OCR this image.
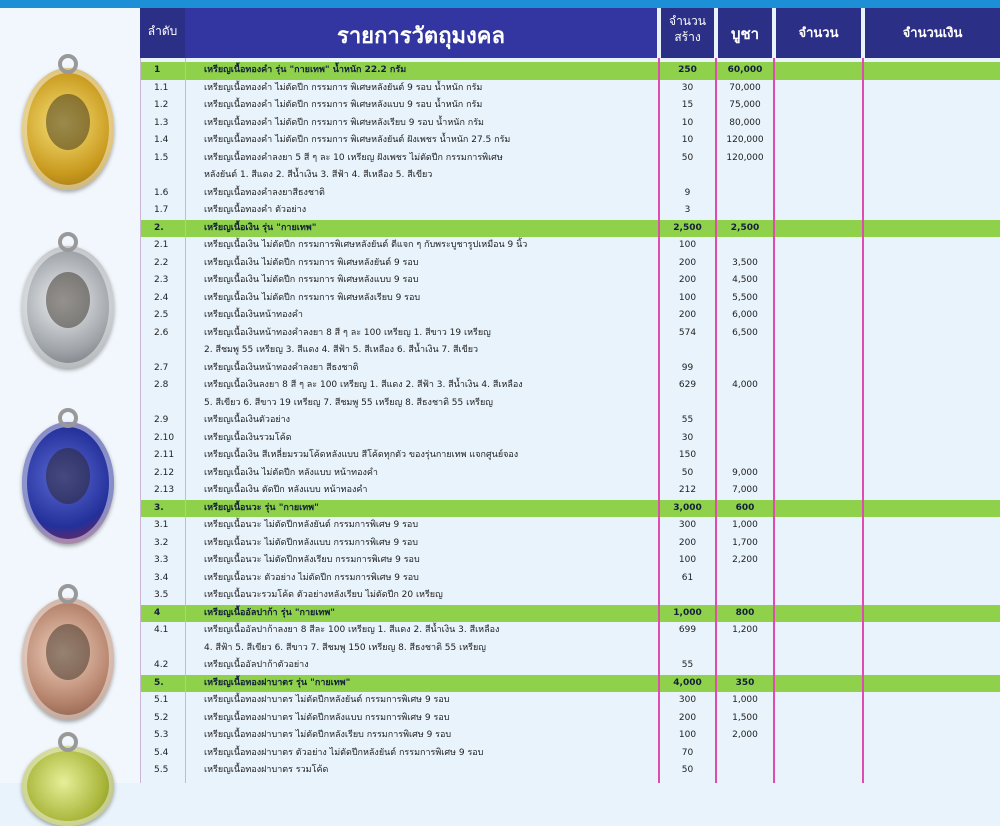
ลำดับ	รายการวัตถุมงคล
จำนวน
สร้าง	บูชา	จำนวน	จำนวนเงิน
1	เหรียญเนื้อทองคำ รุ่น "กายเทพ" น้ำหนัก 22.2 กรัม	250	60,000
1.1	เหรียญเนื้อทองคำ ไม่ตัดปีก กรรมการ พิเศษหลังยันต์ 9 รอบ น้ำหนัก กรัม	30	70,000
1.2	เหรียญเนื้อทองคำ ไม่ตัดปีก กรรมการ พิเศษหลังแบบ 9 รอบ น้ำหนัก กรัม	15	75,000
1.3	เหรียญเนื้อทองคำ ไม่ตัดปีก กรรมการ พิเศษหลังเรียบ 9 รอบ น้ำหนัก กรัม	10	80,000
1.4	เหรียญเนื้อทองคำ ไม่ตัดปีก กรรมการ พิเศษหลังยันต์ ฝังเพชร น้ำหนัก 27.5 กรัม	10	120,000
1.5	เหรียญเนื้อทองคำลงยา 5 สี ๆ ละ 10 เหรียญ ฝังเพชร ไม่ตัดปีก กรรมการพิเศษ	50	120,000
หลังยันต์ 1. สีแดง 2. สีน้ำเงิน 3. สีฟ้า 4. สีเหลือง 5. สีเขียว
1.6	เหรียญเนื้อทองคำลงยาสีธงชาติ	9
1.7	เหรียญเนื้อทองคำ ตัวอย่าง	3
2.	เหรียญเนื้อเงิน รุ่น "กายเทพ"	2,500	2,500
2.1	เหรียญเนื้อเงิน ไม่ตัดปีก กรรมการพิเศษหลังยันต์ ตีแจก ๆ กับพระบูชารูปเหมือน 9 นิ้ว	100
2.2	เหรียญเนื้อเงิน ไม่ตัดปีก กรรมการ พิเศษหลังยันต์ 9 รอบ	200	3,500
2.3	เหรียญเนื้อเงิน ไม่ตัดปีก กรรมการ พิเศษหลังแบบ 9 รอบ	200	4,500
2.4	เหรียญเนื้อเงิน ไม่ตัดปีก กรรมการ พิเศษหลังเรียบ 9 รอบ	100	5,500
2.5	เหรียญเนื้อเงินหน้าทองคำ	200	6,000
2.6	เหรียญเนื้อเงินหน้าทองคำลงยา 8 สี ๆ ละ 100 เหรียญ 1. สีขาว 19 เหรียญ	574	6,500
2. สีชมพู 55 เหรียญ 3. สีแดง 4. สีฟ้า 5. สีเหลือง 6. สีน้ำเงิน 7. สีเขียว
2.7	เหรียญเนื้อเงินหน้าทองคำลงยา สีธงชาติ	99
2.8	เหรียญเนื้อเงินลงยา 8 สี ๆ ละ 100 เหรียญ 1. สีแดง 2. สีฟ้า 3. สีน้ำเงิน 4. สีเหลือง	629	4,000
5. สีเขียว 6. สีขาว 19 เหรียญ 7. สีชมพู 55 เหรียญ 8. สีธงชาติ 55 เหรียญ
2.9	เหรียญเนื้อเงินตัวอย่าง	55
2.10	เหรียญเนื้อเงินรวมโค้ด	30
2.11	เหรียญเนื้อเงิน สีเหลี่ยมรวมโค้ดหลังแบบ สีโค้ดทุกตัว ของรุ่นกายเทพ แจกศูนย์จอง	150
2.12	เหรียญเนื้อเงิน ไม่ตัดปีก หลังแบบ หน้าทองคำ	50	9,000
2.13	เหรียญเนื้อเงิน ตัดปีก หลังแบบ หน้าทองคำ	212	7,000
3.	เหรียญเนื้อนวะ รุ่น "กายเทพ"	3,000	600
3.1	เหรียญเนื้อนวะ ไม่ตัดปีกหลังยันต์ กรรมการพิเศษ 9 รอบ	300	1,000
3.2	เหรียญเนื้อนวะ ไม่ตัดปีกหลังแบบ กรรมการพิเศษ 9 รอบ	200	1,700
3.3	เหรียญเนื้อนวะ ไม่ตัดปีกหลังเรียบ กรรมการพิเศษ 9 รอบ	100	2,200
3.4	เหรียญเนื้อนวะ ตัวอย่าง ไม่ตัดปีก กรรมการพิเศษ 9 รอบ	61
3.5	เหรียญเนื้อนวะรวมโค้ด ตัวอย่างหลังเรียบ ไม่ตัดปีก 20 เหรียญ
4	เหรียญเนื้ออัลปาก้า รุ่น "กายเทพ"	1,000	800
4.1	เหรียญเนื้ออัลปาก้าลงยา 8 สีละ 100 เหรียญ 1. สีแดง 2. สีน้ำเงิน 3. สีเหลือง	699	1,200
4. สีฟ้า 5. สีเขียว 6. สีขาว 7. สีชมพู 150 เหรียญ 8. สีธงชาติ 55 เหรียญ
4.2	เหรียญเนื้ออัลปาก้าตัวอย่าง	55
5.	เหรียญเนื้อทองฝาบาตร รุ่น "กายเทพ"	4,000	350
5.1	เหรียญเนื้อทองฝาบาตร ไม่ตัดปีกหลังยันต์ กรรมการพิเศษ 9 รอบ	300	1,000
5.2	เหรียญเนื้อทองฝาบาตร ไม่ตัดปีกหลังแบบ กรรมการพิเศษ 9 รอบ	200	1,500
5.3	เหรียญเนื้อทองฝาบาตร ไม่ตัดปีกหลังเรียบ กรรมการพิเศษ 9 รอบ	100	2,000
5.4	เหรียญเนื้อทองฝาบาตร ตัวอย่าง ไม่ตัดปีกหลังยันต์ กรรมการพิเศษ 9 รอบ	70
5.5	เหรียญเนื้อทองฝาบาตร รวมโค้ด	50
